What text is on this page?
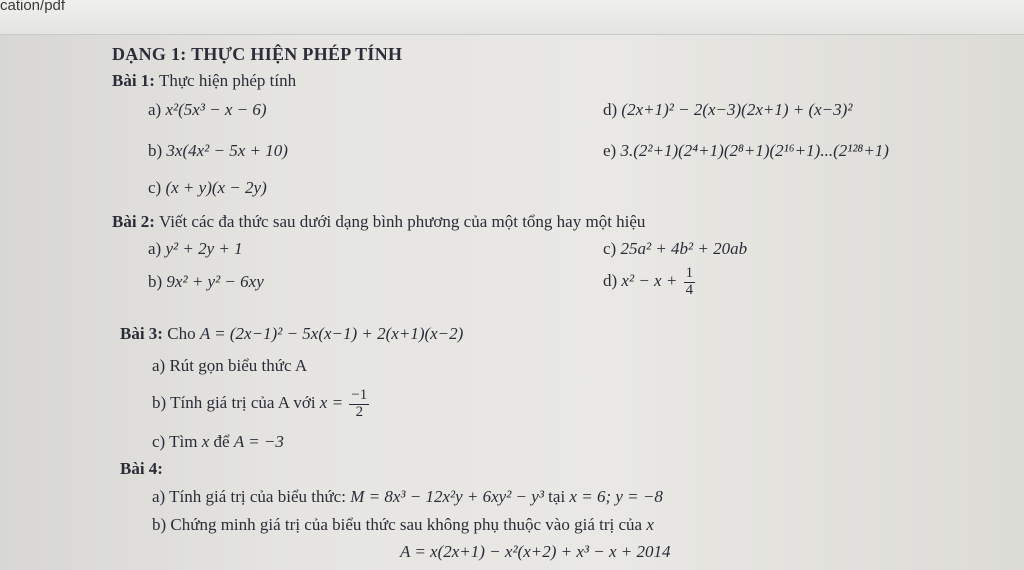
cation/pdf
DẠNG 1: THỰC HIỆN PHÉP TÍNH
Bài 1: Thực hiện phép tính
a) x²(5x³ − x − 6)
b) 3x(4x² − 5x + 10)
c) (x + y)(x − 2y)
d) (2x+1)² − 2(x−3)(2x+1) + (x−3)²
e) 3.(2²+1)(2⁴+1)(2⁸+1)(2¹⁶+1)...(2¹²⁸+1)
Bài 2: Viết các đa thức sau dưới dạng bình phương của một tổng hay một hiệu
a) y² + 2y + 1
b) 9x² + y² − 6xy
c) 25a² + 4b² + 20ab
d) $x^2 - x + \frac{1}{4}$
Bài 3: Cho A = (2x−1)² − 5x(x−1) + 2(x+1)(x−2)
a) Rút gọn biểu thức A
b) Tính giá trị của A với $x = \frac{-1}{2}$
c) Tìm x để A = −3
Bài 4:
a) Tính giá trị của biểu thức: M = 8x³ − 12x²y + 6xy² − y³ tại x = 6; y = −8
b) Chứng minh giá trị của biểu thức sau không phụ thuộc vào giá trị của x
A = x(2x+1) − x²(x+2) + x³ − x + 2014
